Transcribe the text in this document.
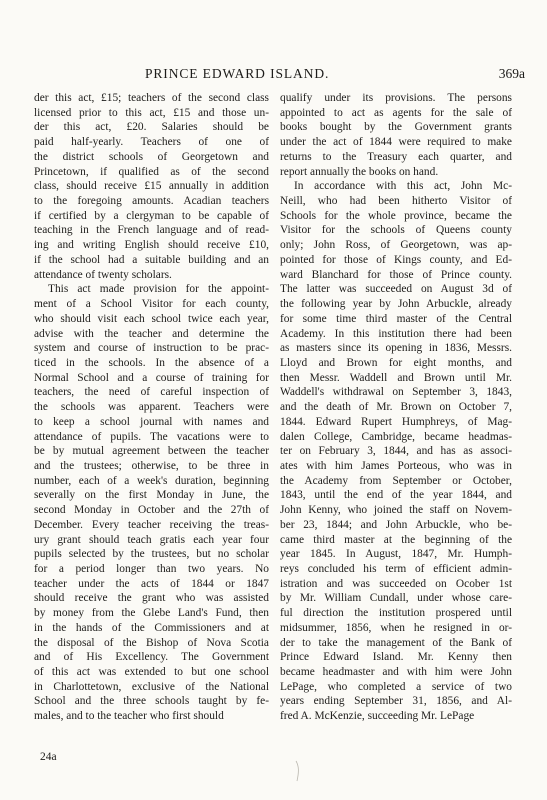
PRINCE EDWARD ISLAND.	369a
der this act, £15; teachers of the second class
licensed prior to this act, £15 and those un-
der this act, £20. Salaries should be
paid half-yearly. Teachers of one of
the district schools of Georgetown and
Princetown, if qualified as of the second
class, should receive £15 annually in addition
to the foregoing amounts. Acadian teachers
if certified by a clergyman to be capable of
teaching in the French language and of read-
ing and writing English should receive £10,
if the school had a suitable building and an
attendance of twenty scholars.
This act made provision for the appoint-
ment of a School Visitor for each county,
who should visit each school twice each year,
advise with the teacher and determine the
system and course of instruction to be prac-
ticed in the schools. In the absence of a
Normal School and a course of training for
teachers, the need of careful inspection of
the schools was apparent. Teachers were
to keep a school journal with names and
attendance of pupils. The vacations were to
be by mutual agreement between the teacher
and the trustees; otherwise, to be three in
number, each of a week's duration, beginning
severally on the first Monday in June, the
second Monday in October and the 27th of
December. Every teacher receiving the treas-
ury grant should teach gratis each year four
pupils selected by the trustees, but no scholar
for a period longer than two years. No
teacher under the acts of 1844 or 1847
should receive the grant who was assisted
by money from the Glebe Land's Fund, then
in the hands of the Commissioners and at
the disposal of the Bishop of Nova Scotia
and of His Excellency. The Government
of this act was extended to but one school
in Charlottetown, exclusive of the National
School and the three schools taught by fe-
males, and to the teacher who first should
qualify under its provisions. The persons
appointed to act as agents for the sale of
books bought by the Government grants
under the act of 1844 were required to make
returns to the Treasury each quarter, and
report annually the books on hand.
In accordance with this act, John Mc-
Neill, who had been hitherto Visitor of
Schools for the whole province, became the
Visitor for the schools of Queens county
only; John Ross, of Georgetown, was ap-
pointed for those of Kings county, and Ed-
ward Blanchard for those of Prince county.
The latter was succeeded on August 3d of
the following year by John Arbuckle, already
for some time third master of the Central
Academy. In this institution there had been
as masters since its opening in 1836, Messrs.
Lloyd and Brown for eight months, and
then Messr. Waddell and Brown until Mr.
Waddell's withdrawal on September 3, 1843,
and the death of Mr. Brown on October 7,
1844. Edward Rupert Humphreys, of Mag-
dalen College, Cambridge, became headmas-
ter on February 3, 1844, and has as associ-
ates with him James Porteous, who was in
the Academy from September or October,
1843, until the end of the year 1844, and
John Kenny, who joined the staff on Novem-
ber 23, 1844; and John Arbuckle, who be-
came third master at the beginning of the
year 1845. In August, 1847, Mr. Humph-
reys concluded his term of efficient admin-
istration and was succeeded on Ocober 1st
by Mr. William Cundall, under whose care-
ful direction the institution prospered until
midsummer, 1856, when he resigned in or-
der to take the management of the Bank of
Prince Edward Island. Mr. Kenny then
became headmaster and with him were John
LePage, who completed a service of two
years ending September 31, 1856, and Al-
fred A. McKenzie, succeeding Mr. LePage
24a
